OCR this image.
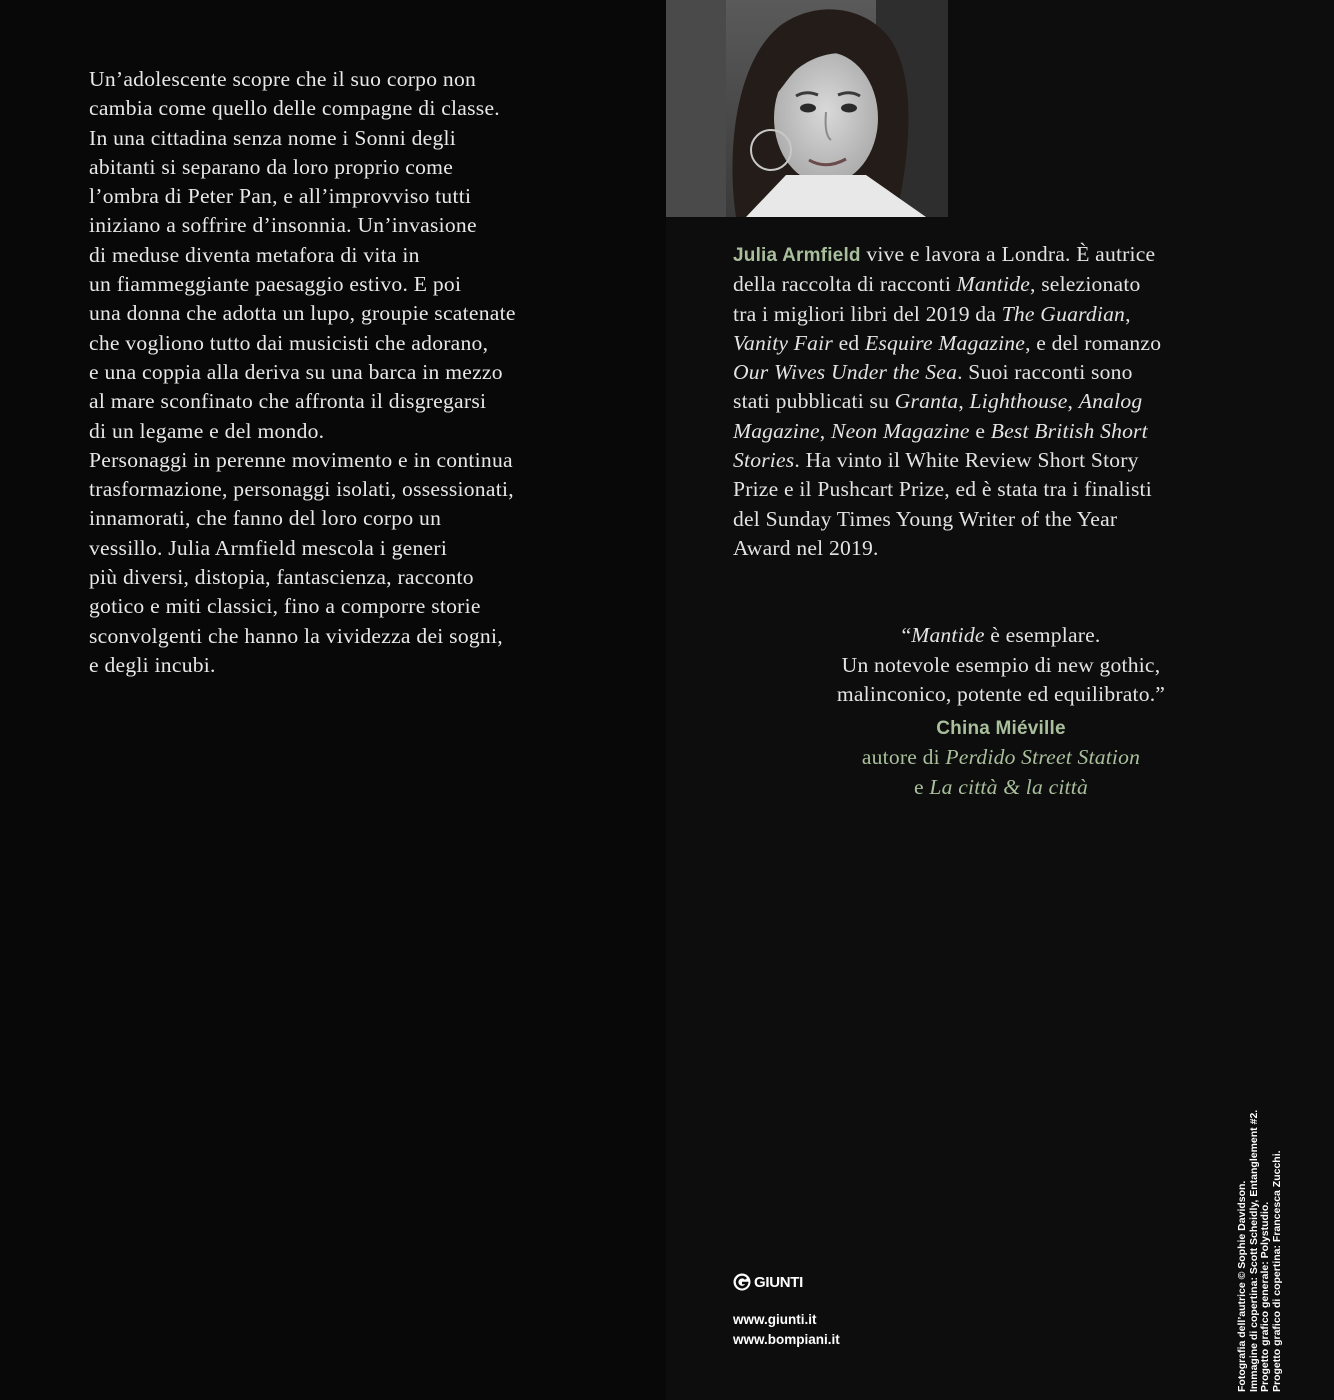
Un’adolescente scopre che il suo corpo non
cambia come quello delle compagne di classe.
In una cittadina senza nome i Sonni degli
abitanti si separano da loro proprio come
l’ombra di Peter Pan, e all’improvviso tutti
iniziano a soffrire d’insonnia. Un’invasione
di meduse diventa metafora di vita in
un fiammeggiante paesaggio estivo. E poi
una donna che adotta un lupo, groupie scatenate
che vogliono tutto dai musicisti che adorano,
e una coppia alla deriva su una barca in mezzo
al mare sconfinato che affronta il disgregarsi
di un legame e del mondo.
Personaggi in perenne movimento e in continua
trasformazione, personaggi isolati, ossessionati,
innamorati, che fanno del loro corpo un
vessillo. Julia Armfield mescola i generi
più diversi, distopia, fantascienza, racconto
gotico e miti classici, fino a comporre storie
sconvolgenti che hanno la vividezza dei sogni,
e degli incubi.

Julia Armfield vive e lavora a Londra. È autrice
della raccolta di racconti Mantide, selezionato
tra i migliori libri del 2019 da The Guardian,
Vanity Fair ed Esquire Magazine, e del romanzo
Our Wives Under the Sea. Suoi racconti sono
stati pubblicati su Granta, Lighthouse, Analog
Magazine, Neon Magazine e Best British Short
Stories. Ha vinto il White Review Short Story
Prize e il Pushcart Prize, ed è stata tra i finalisti
del Sunday Times Young Writer of the Year
Award nel 2019.

“Mantide è esemplare.
Un notevole esempio di new gothic,
malinconico, potente ed equilibrato.”
China Miéville
autore di Perdido Street Station
e La città & la città
GIUNTI
www.giunti.it
www.bompiani.it	Fotografia dell’autrice © Sophie Davidson. Immagine di copertina: Scott Scheidly, Entanglement #2. Progetto grafico generale: Polystudio. Progetto grafico di copertina: Francesca Zucchi.
